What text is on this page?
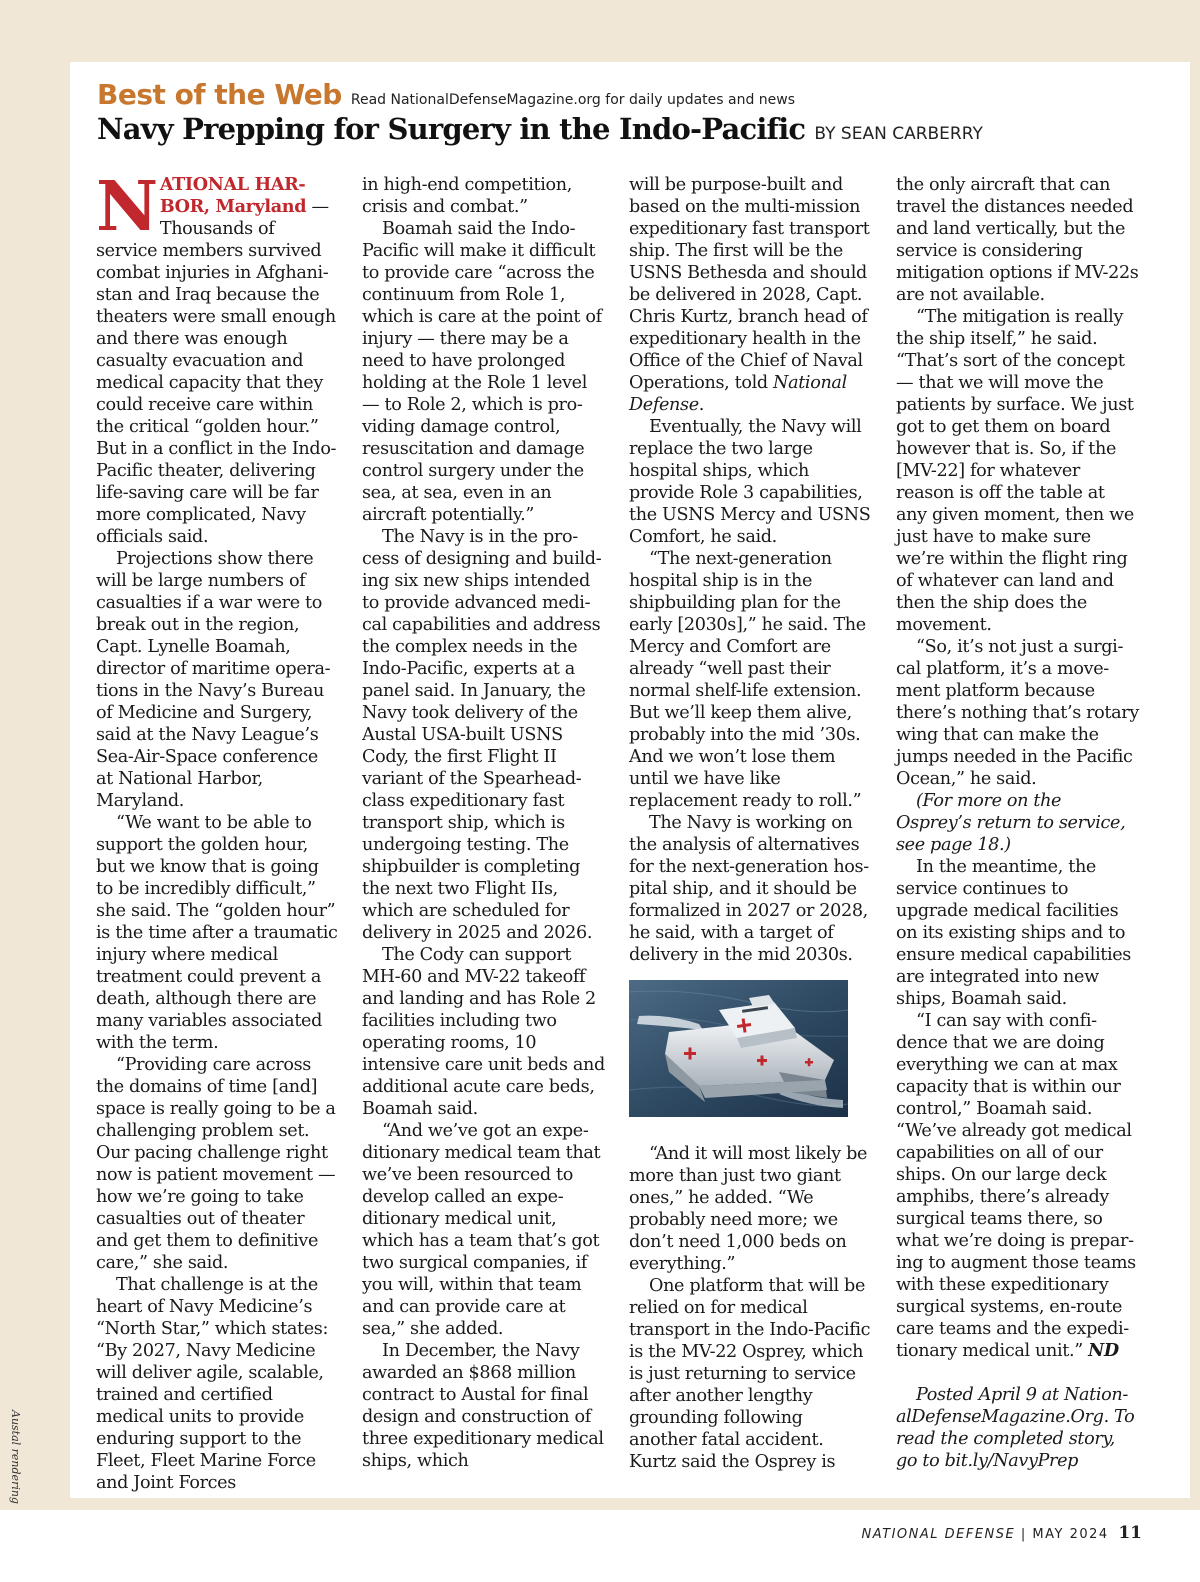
Best of the Web Read NationalDefenseMagazine.org for daily updates and news
Navy Prepping for Surgery in the Indo-Pacific BY SEAN CARBERRY

NATIONAL HARBOR, Maryland — Thousands of service members survived combat injuries in Afghanistan and Iraq because the theaters were small enough and there was enough casualty evacuation and medical capacity that they could receive care within the critical “golden hour.” But in a conflict in the Indo-Pacific theater, delivering life-saving care will be far more complicated, Navy officials said.

Projections show there will be large numbers of casualties if a war were to break out in the region, Capt. Lynelle Boamah, director of maritime operations in the Navy’s Bureau of Medicine and Surgery, said at the Navy League’s Sea-Air-Space conference at National Harbor, Maryland.

“We want to be able to support the golden hour, but we know that is going to be incredibly difficult,” she said. The “golden hour” is the time after a traumatic injury where medical treatment could prevent a death, although there are many variables associated with the term.

“Providing care across the domains of time [and] space is really going to be a challenging problem set. Our pacing challenge right now is patient movement — how we’re going to take casualties out of theater and get them to definitive care,” she said.

That challenge is at the heart of Navy Medicine’s “North Star,” which states: “By 2027, Navy Medicine will deliver agile, scalable, trained and certified medical units to provide enduring support to the Fleet, Fleet Marine Force and Joint Forces

in high-end competition, crisis and combat.”

Boamah said the Indo-Pacific will make it difficult to provide care “across the continuum from Role 1, which is care at the point of injury — there may be a need to have prolonged holding at the Role 1 level — to Role 2, which is providing damage control, resuscitation and damage control surgery under the sea, at sea, even in an aircraft potentially.”

The Navy is in the process of designing and building six new ships intended to provide advanced medical capabilities and address the complex needs in the Indo-Pacific, experts at a panel said. In January, the Navy took delivery of the Austal USA-built USNS Cody, the first Flight II variant of the Spearhead-class expeditionary fast transport ship, which is undergoing testing. The shipbuilder is completing the next two Flight IIs, which are scheduled for delivery in 2025 and 2026.

The Cody can support MH-60 and MV-22 takeoff and landing and has Role 2 facilities including two operating rooms, 10 intensive care unit beds and additional acute care beds, Boamah said.

“And we’ve got an expeditionary medical team that we’ve been resourced to develop called an expeditionary medical unit, which has a team that’s got two surgical companies, if you will, within that team and can provide care at sea,” she added.

In December, the Navy awarded an $868 million contract to Austal for final design and construction of three expeditionary medical ships, which

will be purpose-built and based on the multi-mission expeditionary fast transport ship. The first will be the USNS Bethesda and should be delivered in 2028, Capt. Chris Kurtz, branch head of expeditionary health in the Office of the Chief of Naval Operations, told National Defense.

Eventually, the Navy will replace the two large hospital ships, which provide Role 3 capabilities, the USNS Mercy and USNS Comfort, he said.

“The next-generation hospital ship is in the shipbuilding plan for the early [2030s],” he said. The Mercy and Comfort are already “well past their normal shelf-life extension. But we’ll keep them alive, probably into the mid ’30s. And we won’t lose them until we have like replacement ready to roll.”

The Navy is working on the analysis of alternatives for the next-generation hospital ship, and it should be formalized in 2027 or 2028, he said, with a target of delivery in the mid 2030s.

“And it will most likely be more than just two giant ones,” he added. “We probably need more; we don’t need 1,000 beds on everything.”

One platform that will be relied on for medical transport in the Indo-Pacific is the MV-22 Osprey, which is just returning to service after another lengthy grounding following another fatal accident. Kurtz said the Osprey is

the only aircraft that can travel the distances needed and land vertically, but the service is considering mitigation options if MV-22s are not available.

“The mitigation is really the ship itself,” he said. “That’s sort of the concept — that we will move the patients by surface. We just got to get them on board however that is. So, if the [MV-22] for whatever reason is off the table at any given moment, then we just have to make sure we’re within the flight ring of whatever can land and then the ship does the movement.

“So, it’s not just a surgical platform, it’s a movement platform because there’s nothing that’s rotary wing that can make the jumps needed in the Pacific Ocean,” he said.

(For more on the Osprey’s return to service, see page 18.)

In the meantime, the service continues to upgrade medical facilities on its existing ships and to ensure medical capabilities are integrated into new ships, Boamah said.

“I can say with confidence that we are doing everything we can at max capacity that is within our control,” Boamah said. “We’ve already got medical capabilities on all of our ships. On our large deck amphibs, there’s already surgical teams there, so what we’re doing is preparing to augment those teams with these expeditionary surgical systems, en-route care teams and the expeditionary medical unit.” ND

Posted April 9 at NationalDefenseMagazine.Org. To read the completed story, go to bit.ly/NavyPrep

Austal rendering
NATIONAL DEFENSE | MAY 2024 11
